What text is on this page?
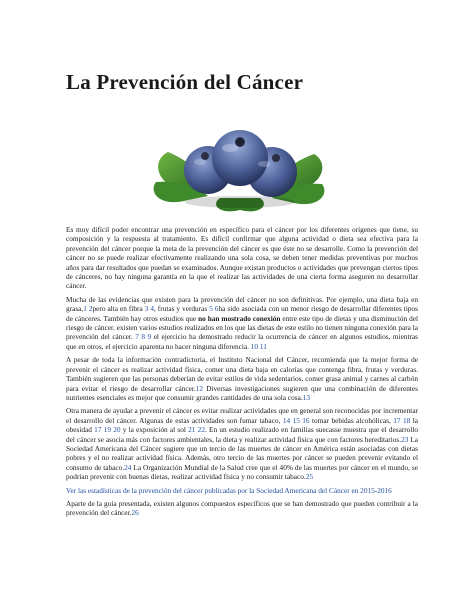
La Prevención del Cáncer

Es muy difícil poder encontrar una prevención en específico para el cáncer por los diferentes orígenes que tiene, su composición y la respuesta al tratamiento. Es difícil confirmar que alguna actividad o dieta sea efectiva para la prevención del cáncer porque la meta de la prevención del cáncer es que éste no se desarrolle. Como la prevención del cáncer no se puede realizar efectivamente realizando una sola cosa, se deben tener medidas preventivas por muchos años para dar resultados que puedan se examinados. Aunque existan productos o actividades que prevengan ciertos tipos de cánceres, no hay ninguna garantía en la que el realizar las actividades de una cierta forma aseguren no desarrollar cáncer.

Mucha de las evidencias que existen para la prevención del cáncer no son definitivas. Por ejemplo, una dieta baja en grasa,1 2pero alta en fibra 3 4, frutas y verduras 5 6ha sido asociada con un menor riesgo de desarrollar diferentes tipos de cánceres. También hay otros estudios que no han mostrado conexión entre este tipo de dietas y una disminución del riesgo de cáncer. existen varios estudios realizados en los que las dietas de este estilo no tienen ninguna conexión para la prevención del cáncer. 7 8 9 el ejercicio ha demostrado reducir la ocurrencia de cáncer en algunos estudios, mientras que en otros, el ejercicio aparenta no hacer ninguna diferencia. 10 11

A pesar de toda la información contradictoria, el Instituto Nacional del Cáncer, recomienda que la mejor forma de prevenir el cáncer es realizar actividad física, comer una dieta baja en calorías que contenga fibra, frutas y verduras. También sugieren que las personas deberían de evitar estilos de vida sedentarios, comer grasa animal y carnes al carbón para evitar el riesgo de desarrollar cáncer.12 Diversas investigaciones sugieren que una combinación de diferentes nutrientes esenciales es mejor que consumir grandes cantidades de una sola cosa.13

Otra manera de ayudar a prevenir el cáncer es evitar realizar actividades que en general son reconocidas por incrementar el desarrollo del cáncer. Algunas de estas actividades son fumar tabaco, 14 15 16 tomar bebidas alcohólicas, 17 18 la obesidad 17 19 20 y la exposición al sol 21 22. En un estudio realizado en familias suecasse muestra que el desarrollo del cáncer se asocia más con factores ambientales, la dieta y realizar actividad física que con factores hereditarios.23 La Sociedad Americana del Cáncer sugiere que un tercio de las muertes de cáncer en América están asociadas con dietas pobres y el no realizar actividad física. Además, otro tercio de las muertes por cáncer se pueden prevenir evitando el consumo de tabaco.24 La Organización Mundial de la Salud cree que el 40% de las muertes por cáncer en el mundo, se podrían prevenir con buenas dietas, realizar actividad física y no consumir tabaco.25

Ver las estadísticas de la prevención del cáncer publicadas por la Sociedad Americana del Cáncer en 2015-2016

Aparte de la guía presentada, existen algunos compuestos específicos que se han demostrado que pueden contribuir a la prevención del cáncer.26
